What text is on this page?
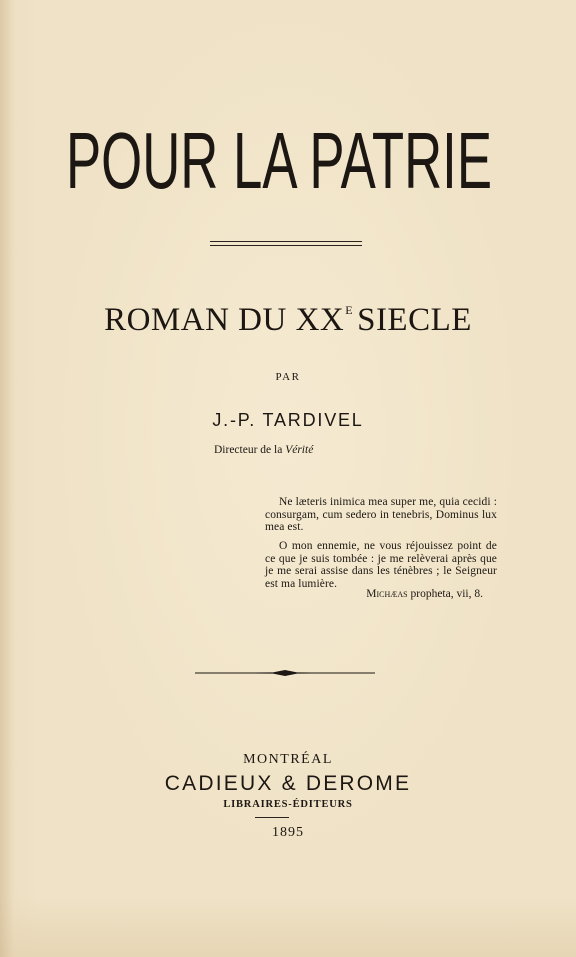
POUR LA PATRIE
ROMAN DU $XX^E$ SIECLE
PAR
J.-P. TARDIVEL
Directeur de la Vérité
Ne læteris inimica mea super me, quia cecidi : consurgam, cum sedero in tenebris, Dominus lux mea est.
O mon ennemie, ne vous réjouissez point de ce que je suis tombée : je me relèverai après que je me serai assise dans les ténèbres ; le Seigneur est ma lumière.
Michæas propheta, vii, 8.
MONTRÉAL
CADIEUX & DEROME
LIBRAIRES-ÉDITEURS
1895
